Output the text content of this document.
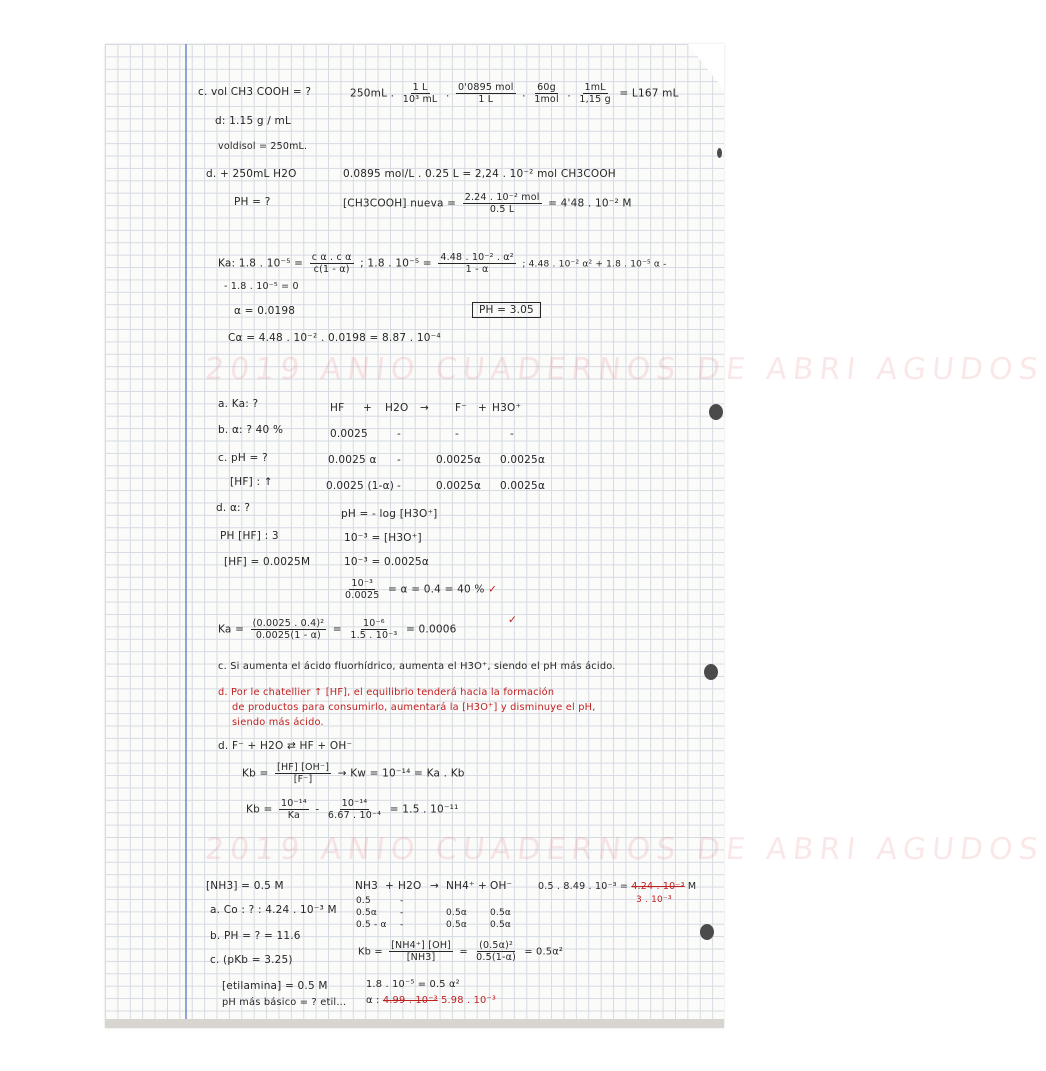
2019 ANIO CUADERNOS DE ABRI AGUDOS
2019 ANIO CUADERNOS DE ABRI AGUDOS
c. vol CH3 COOH = ?	250mL . $\frac{1 L}{\text{10³ mL}}$ . $\frac{\text{0'0895 mol}}{1 L}$ . $\frac{60g}{\text{1mol}}$ . $\frac{1mL}{1,15 g} = L167$ mL
d: 1.15 g / mL
voldisol = 250mL.
d. + 250mL H2O	0.0895 mol/L . 0.25 L = 2,24 . 10⁻² mol CH3COOH
PH = ?	[CH3COOH] nueva = $\frac{\text{2.24 . 10⁻² mol}}{0.5 L} = 4'48$ . 10⁻² M
Ka: 1.8 . $10^{-5} = \frac{\text{c α . c α}}{c(1 - \alpha)}$ ; 1.8 . $10^{-5} = \frac{\text{4.48 . 10⁻² . α²}}{1 - \alpha}$ ; 4.48 . 10⁻² α² + 1.8 . 10⁻⁵ α -
- 1.8 . 10⁻⁵ = 0
α = 0.0198	PH = 3.05
Cα = 4.48 . 10⁻² . 0.0198 = 8.87 . 10⁻⁴
a. Ka: ?
b. α: ? 40 %
c. pH = ?
[HF] : ↑
d. α: ?
PH [HF] : 3
[HF] = 0.0025M
HF + H2O → F⁻ + H3O⁺
0.0025	-	-	-
0.0025 α -	0.0025α 0.0025α
0.0025 (1-α) -	0.0025α 0.0025α
pH = - log [H3O⁺]
10⁻³ = [H3O⁺]
10⁻³ = 0.0025α
$\frac{\text{10⁻³}}{0.0025} = \alpha = 0.4 = 40$ % ✓
$Ka = \frac{\text{(0.0025 . 0.4)²}}{0.0025(1 - \alpha)} = \frac{\text{10⁻⁶}}{\text{1.5 . 10⁻³}} = 0.0006$
✓
c. Si aumenta el ácido fluorhídrico, aumenta el H3O⁺, siendo el pH más ácido.
d. Por le chatellier ↑ [HF], el equilibrio tenderá hacia la formación
de productos para consumirlo, aumentará la [H3O⁺] y disminuye el pH,
siendo más ácido.
d. F⁻ + H2O ⇄ HF + OH⁻
$Kb = \frac{[HF] [OH^-]}{[F^-]} \to Kw = 10^{-14} = Ka$ . Kb
$Kb = \frac{\text{10⁻¹⁴}}{Ka} - \frac{\text{10⁻¹⁴}}{\text{6.67 . 10⁻⁴}} = 1.5$ . 10⁻¹¹
[NH3] = 0.5 M
a. Co : ? : 4.24 . 10⁻³ M
b. PH = ? = 11.6
c. (pKb = 3.25)
[etilamina] = 0.5 M
pH más básico = ? etil...
NH3 + H2O → NH4⁺ + OH⁻
0.5	-
0.5α	-	0.5α	0.5α
0.5 - α -	0.5α	0.5α
0.5 . 8.49 . 10⁻³ = 4.24 . 10⁻³ M
3 . 10⁻³
$Kb = \frac{[NH4^+] [OH]}{[NH3]} = \frac{\text{(0.5α)²}}{0.5(1-\alpha)} = 0.5\alpha^2$
1.8 . 10⁻⁵ = 0.5 α²
α : 4.99 . 10⁻³ 5.98 . 10⁻³
